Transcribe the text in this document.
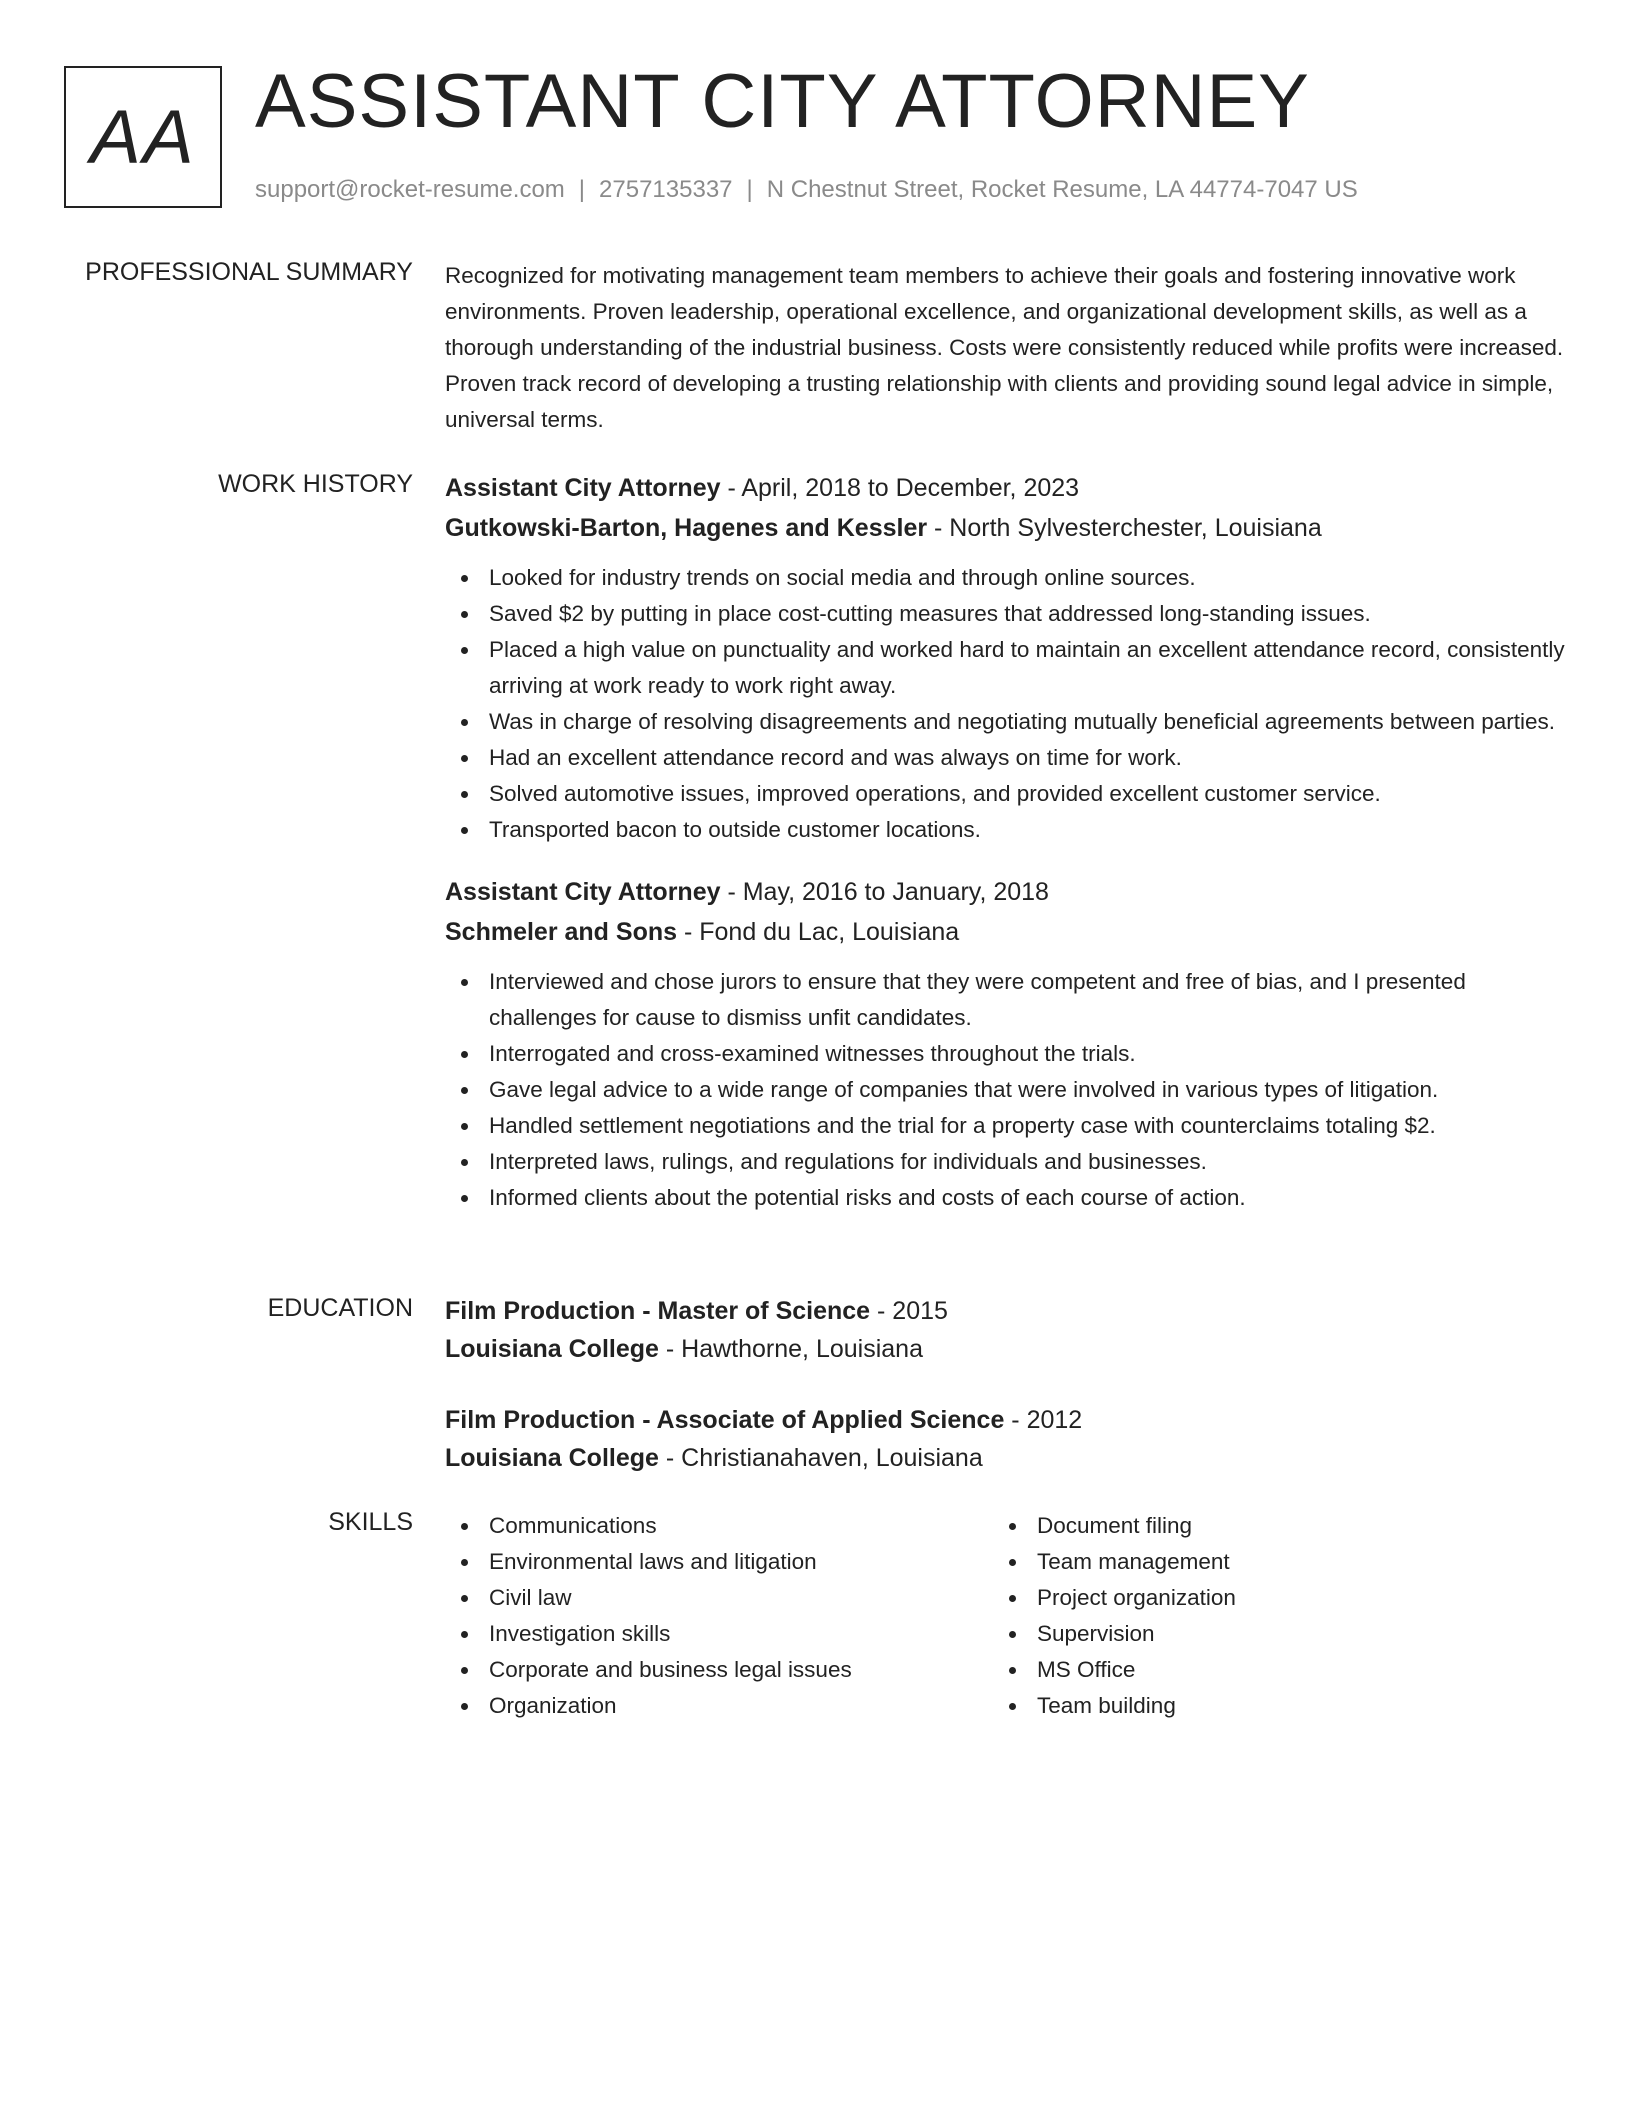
AA ASSISTANT CITY ATTORNEY
support@rocket-resume.com | 2757135337 | N Chestnut Street, Rocket Resume, LA 44774-7047 US
PROFESSIONAL SUMMARY Recognized for motivating management team members to achieve their goals and fostering innovative work environments. Proven leadership, operational excellence, and organizational development skills, as well as a thorough understanding of the industrial business. Costs were consistently reduced while profits were increased. Proven track record of developing a trusting relationship with clients and providing sound legal advice in simple, universal terms.

WORK HISTORY Assistant City Attorney - April, 2018 to December, 2023
Gutkowski-Barton, Hagenes and Kessler - North Sylvesterchester, Louisiana
Looked for industry trends on social media and through online sources.
Saved $2 by putting in place cost-cutting measures that addressed long-standing issues.
Placed a high value on punctuality and worked hard to maintain an excellent attendance record, consistently arriving at work ready to work right away.
Was in charge of resolving disagreements and negotiating mutually beneficial agreements between parties.
Had an excellent attendance record and was always on time for work.
Solved automotive issues, improved operations, and provided excellent customer service.
Transported bacon to outside customer locations.
Assistant City Attorney - May, 2016 to January, 2018
Schmeler and Sons - Fond du Lac, Louisiana
Interviewed and chose jurors to ensure that they were competent and free of bias, and I presented challenges for cause to dismiss unfit candidates.
Interrogated and cross-examined witnesses throughout the trials.
Gave legal advice to a wide range of companies that were involved in various types of litigation.
Handled settlement negotiations and the trial for a property case with counterclaims totaling $2.
Interpreted laws, rulings, and regulations for individuals and businesses.
Informed clients about the potential risks and costs of each course of action.
EDUCATION Film Production - Master of Science - 2015
Louisiana College - Hawthorne, Louisiana
Film Production - Associate of Applied Science - 2012
Louisiana College - Christianahaven, Louisiana
SKILLS	Communications
Environmental laws and litigation
Civil law
Investigation skills
Corporate and business legal issues
Organization
Document filing
Team management
Project organization
Supervision
MS Office
Team building
